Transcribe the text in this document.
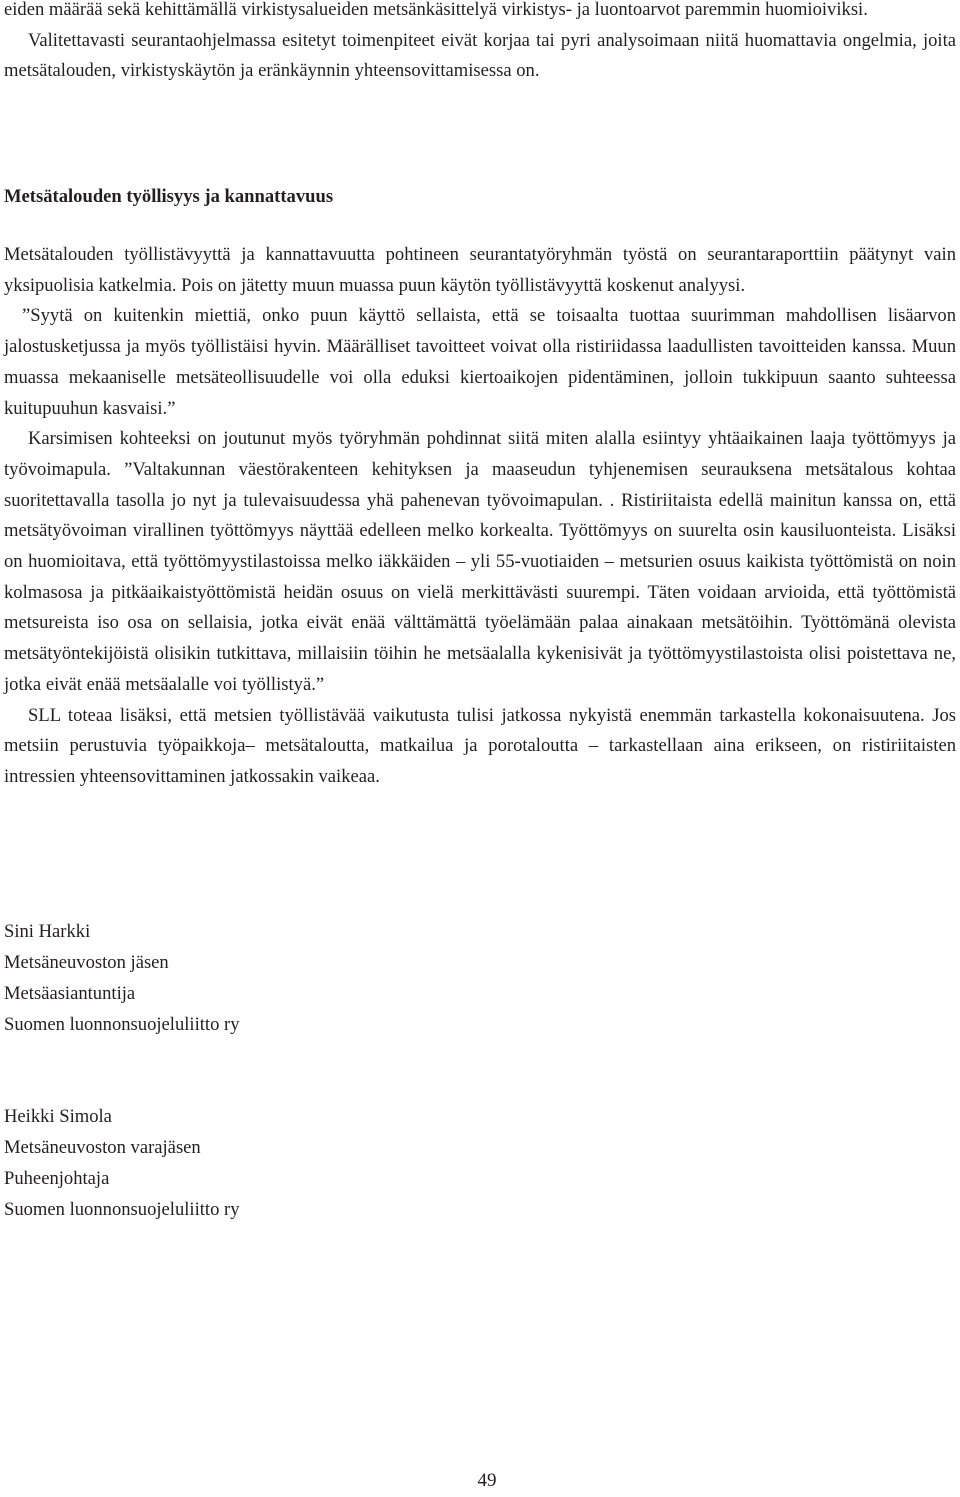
eiden määrää sekä kehittämällä virkistysalueiden metsänkäsittelyä virkistys- ja luontoarvot paremmin huomioiviksi.

Valitettavasti seurantaohjelmassa esitetyt toimenpiteet eivät korjaa tai pyri analysoimaan niitä huomattavia ongelmia, joita metsätalouden, virkistyskäytön ja eränkäynnin yhteensovittamisessa on.

Metsätalouden työllisyys ja kannattavuus

Metsätalouden työllistävyyttä ja kannattavuutta pohtineen seurantatyöryhmän työstä on seurantaraporttiin päätynyt vain yksipuolisia katkelmia. Pois on jätetty muun muassa puun käytön työllistävyyttä koskenut analyysi.

”Syytä on kuitenkin miettiä, onko puun käyttö sellaista, että se toisaalta tuottaa suurimman mahdollisen lisäarvon jalostusketjussa ja myös työllistäisi hyvin. Määrälliset tavoitteet voivat olla ristiriidassa laadullisten tavoitteiden kanssa. Muun muassa mekaaniselle metsäteollisuudelle voi olla eduksi kiertoaikojen pidentäminen, jolloin tukkipuun saanto suhteessa kuitupuuhun kasvaisi.”

Karsimisen kohteeksi on joutunut myös työryhmän pohdinnat siitä miten alalla esiintyy yhtäaikainen laaja työttömyys ja työvoimapula. ”Valtakunnan väestörakenteen kehityksen ja maaseudun tyhjenemisen seurauksena metsätalous kohtaa suoritettavalla tasolla jo nyt ja tulevaisuudessa yhä pahenevan työvoimapulan. . Ristiriitaista edellä mainitun kanssa on, että metsätyövoiman virallinen työttömyys näyttää edelleen melko korkealta. Työttömyys on suurelta osin kausiluonteista. Lisäksi on huomioitava, että työttömyystilastoissa melko iäkkäiden – yli 55-vuotiaiden – metsurien osuus kaikista työttömistä on noin kolmasosa ja pitkäaikaistyöttömistä heidän osuus on vielä merkittävästi suurempi. Täten voidaan arvioida, että työttömistä metsureista iso osa on sellaisia, jotka eivät enää välttämättä työelämään palaa ainakaan metsätöihin. Työttömänä olevista metsätyöntekijöistä olisikin tutkittava, millaisiin töihin he metsäalalla kykenisivät ja työttömyystilastoista olisi poistettava ne, jotka eivät enää metsäalalle voi työllistyä.”

SLL toteaa lisäksi, että metsien työllistävää vaikutusta tulisi jatkossa nykyistä enemmän tarkastella kokonaisuutena. Jos metsiin perustuvia työpaikkoja– metsätaloutta, matkailua ja porotaloutta – tarkastellaan aina erikseen, on ristiriitaisten intressien yhteensovittaminen jatkossakin vaikeaa.

Sini Harkki
Metsäneuvoston jäsen
Metsäasiantuntija
Suomen luonnonsuojeluliitto ry
Heikki Simola
Metsäneuvoston varajäsen
Puheenjohtaja
Suomen luonnonsuojeluliitto ry
49
